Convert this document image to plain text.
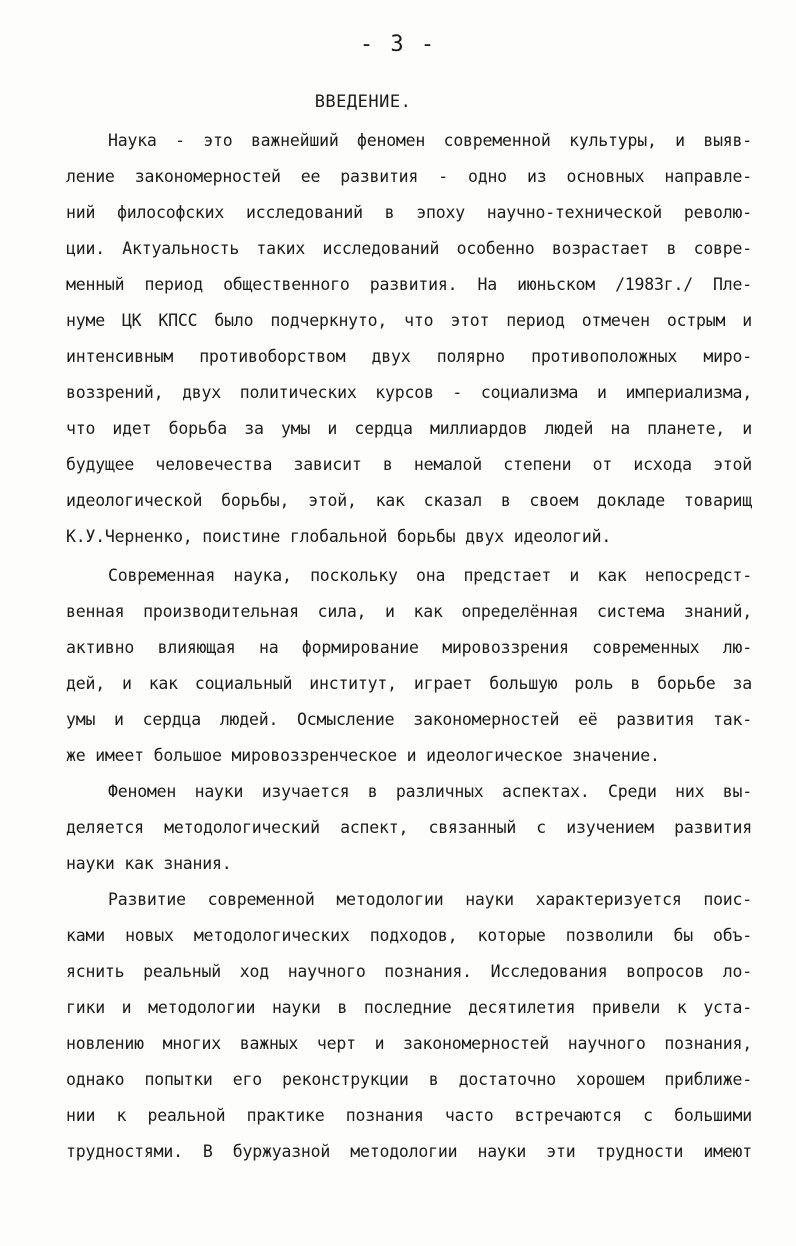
- 3 -
ВВЕДЕНИЕ.
Наука - это важнейший феномен современной культуры, и выяв-
ление закономерностей ее развития - одно из основных направле-
ний философских исследований в эпоху научно-технической револю-
ции. Актуальность таких исследований особенно возрастает в совре-
менный период общественного развития. На июньском /1983г./ Пле-
нуме ЦК КПСС было подчеркнуто, что этот период отмечен острым и
интенсивным противоборством двух полярно противоположных миро-
воззрений, двух политических курсов - социализма и империализма,
что идет борьба за умы и сердца миллиардов людей на планете, и
будущее человечества зависит в немалой степени от исхода этой
идеологической борьбы, этой, как сказал в своем докладе товарищ
К.У.Черненко, поистине глобальной борьбы двух идеологий.
Современная наука, поскольку она предстает и как непосредст-
венная производительная сила, и как определённая система знаний,
активно влияющая на формирование мировоззрения современных лю-
дей, и как социальный институт, играет большую роль в борьбе за
умы и сердца людей. Осмысление закономерностей её развития так-
же имеет большое мировоззренческое и идеологическое значение.
Феномен науки изучается в различных аспектах. Среди них вы-
деляется методологический аспект, связанный с изучением развития
науки как знания.
Развитие современной методологии науки характеризуется поис-
ками новых методологических подходов, которые позволили бы объ-
яснить реальный ход научного познания. Исследования вопросов ло-
гики и методологии науки в последние десятилетия привели к уста-
новлению многих важных черт и закономерностей научного познания,
однако попытки его реконструкции в достаточно хорошем приближе-
нии к реальной практике познания часто встречаются с большими
трудностями. В буржуазной методологии науки эти трудности имеют
